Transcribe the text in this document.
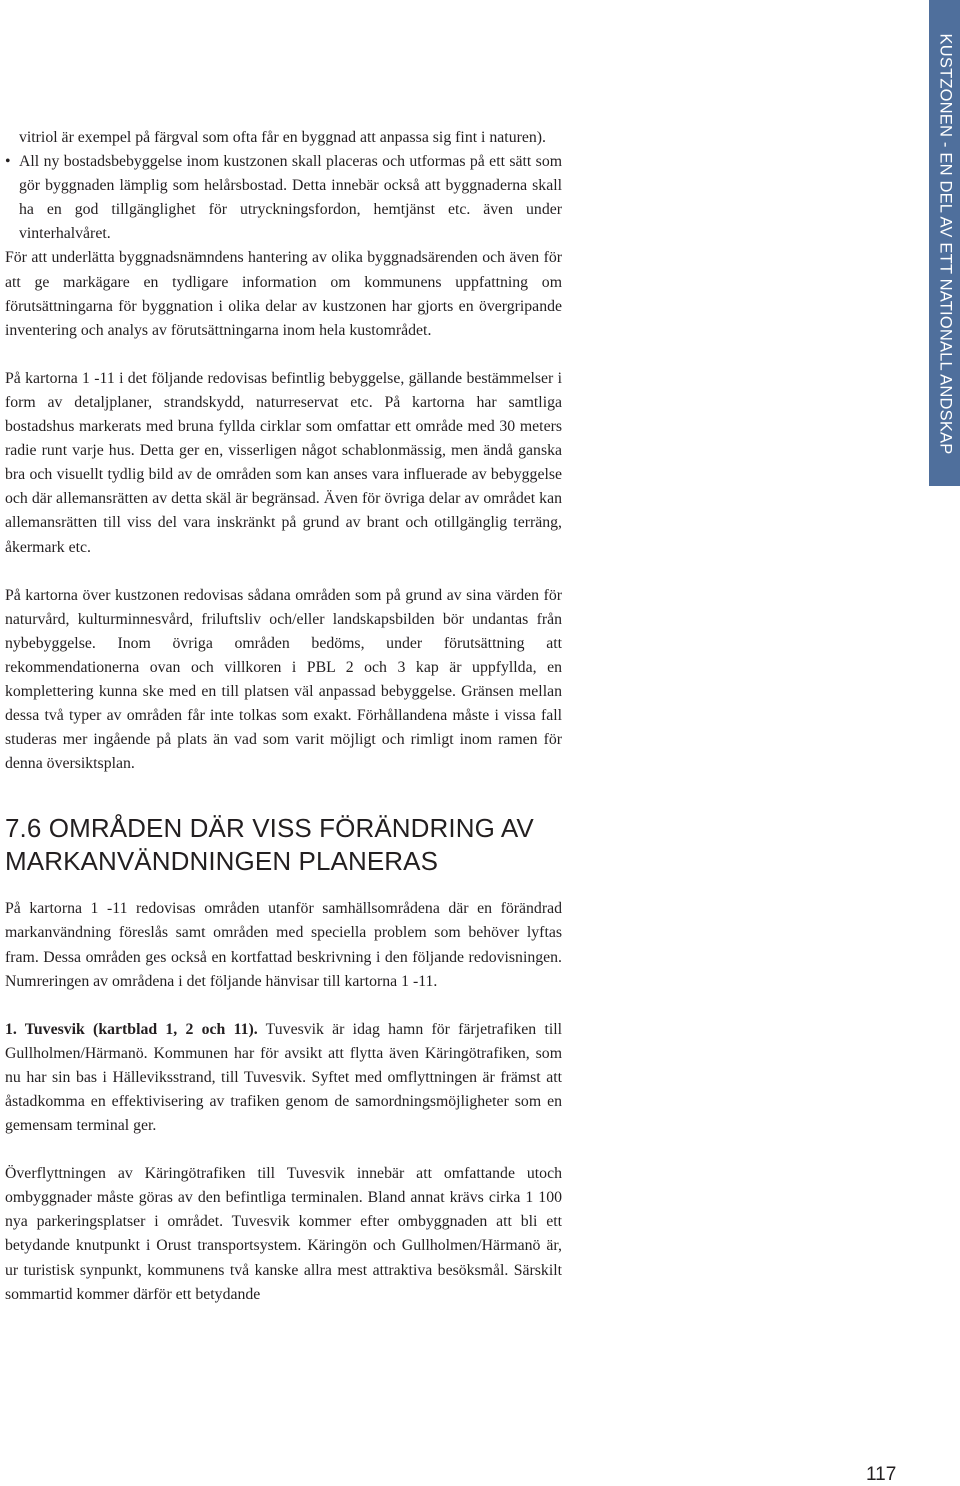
KUSTZONEN - EN DEL AV ETT NATIONALL ANDSKAP

vitriol är exempel på färgval som ofta får en byggnad att anpassa sig fint i naturen).

• All ny bostadsbebyggelse inom kustzonen skall placeras och utformas på ett sätt som gör byggnaden lämplig som helårsbostad. Detta innebär också att byggnaderna skall ha en god tillgänglighet för utryckningsfordon, hemtjänst etc. även under vinterhalvåret.

För att underlätta byggnadsnämndens hantering av olika byggnadsärenden och även för att ge markägare en tydligare information om kommunens uppfattning om förutsättningarna för byggnation i olika delar av kustzonen har gjorts en övergripande inventering och analys av förutsättningarna inom hela kustområdet.

På kartorna 1 -11 i det följande redovisas befintlig bebyggelse, gällande bestämmelser i form av detaljplaner, strandskydd, naturreservat etc. På kartorna har samtliga bostadshus markerats med bruna fyllda cirklar som omfattar ett område med 30 meters radie runt varje hus. Detta ger en, visserligen något schablonmässig, men ändå ganska bra och visuellt tydlig bild av de områden som kan anses vara influerade av bebyggelse och där allemansrätten av detta skäl är begränsad. Även för övriga delar av området kan allemansrätten till viss del vara inskränkt på grund av brant och otillgänglig terräng, åkermark etc.

På kartorna över kustzonen redovisas sådana områden som på grund av sina värden för naturvård, kulturminnesvård, friluftsliv och/eller landskapsbilden bör undantas från nybebyggelse. Inom övriga områden bedöms, under förutsättning att rekommendationerna ovan och villkoren i PBL 2 och 3 kap är uppfyllda, en komplettering kunna ske med en till platsen väl anpassad bebyggelse. Gränsen mellan dessa två typer av områden får inte tolkas som exakt. Förhållandena måste i vissa fall studeras mer ingående på plats än vad som varit möjligt och rimligt inom ramen för denna översiktsplan.

7.6 OMRÅDEN DÄR VISS FÖRÄNDRING AV
MARKANVÄNDNINGEN PLANERAS

På kartorna 1 -11 redovisas områden utanför samhällsområdena där en förändrad markanvändning föreslås samt områden med speciella problem som behöver lyftas fram. Dessa områden ges också en kortfattad beskrivning i den följande redovisningen. Numreringen av områdena i det följande hänvisar till kartorna 1 -11.

1. Tuvesvik (kartblad 1, 2 och 11). Tuvesvik är idag hamn för färjetrafiken till Gullholmen/Härmanö. Kommunen har för avsikt att flytta även Käringötrafiken, som nu har sin bas i Hälleviksstrand, till Tuvesvik. Syftet med omflyttningen är främst att åstadkomma en effektivisering av trafiken genom de samordningsmöjligheter som en gemensam terminal ger.

Överflyttningen av Käringötrafiken till Tuvesvik innebär att omfattande utoch ombyggnader måste göras av den befintliga terminalen. Bland annat krävs cirka 1 100 nya parkeringsplatser i området. Tuvesvik kommer efter ombyggnaden att bli ett betydande knutpunkt i Orust transportsystem. Käringön och Gullholmen/Härmanö är, ur turistisk synpunkt, kommunens två kanske allra mest attraktiva besöksmål. Särskilt sommartid kommer därför ett betydande

117
